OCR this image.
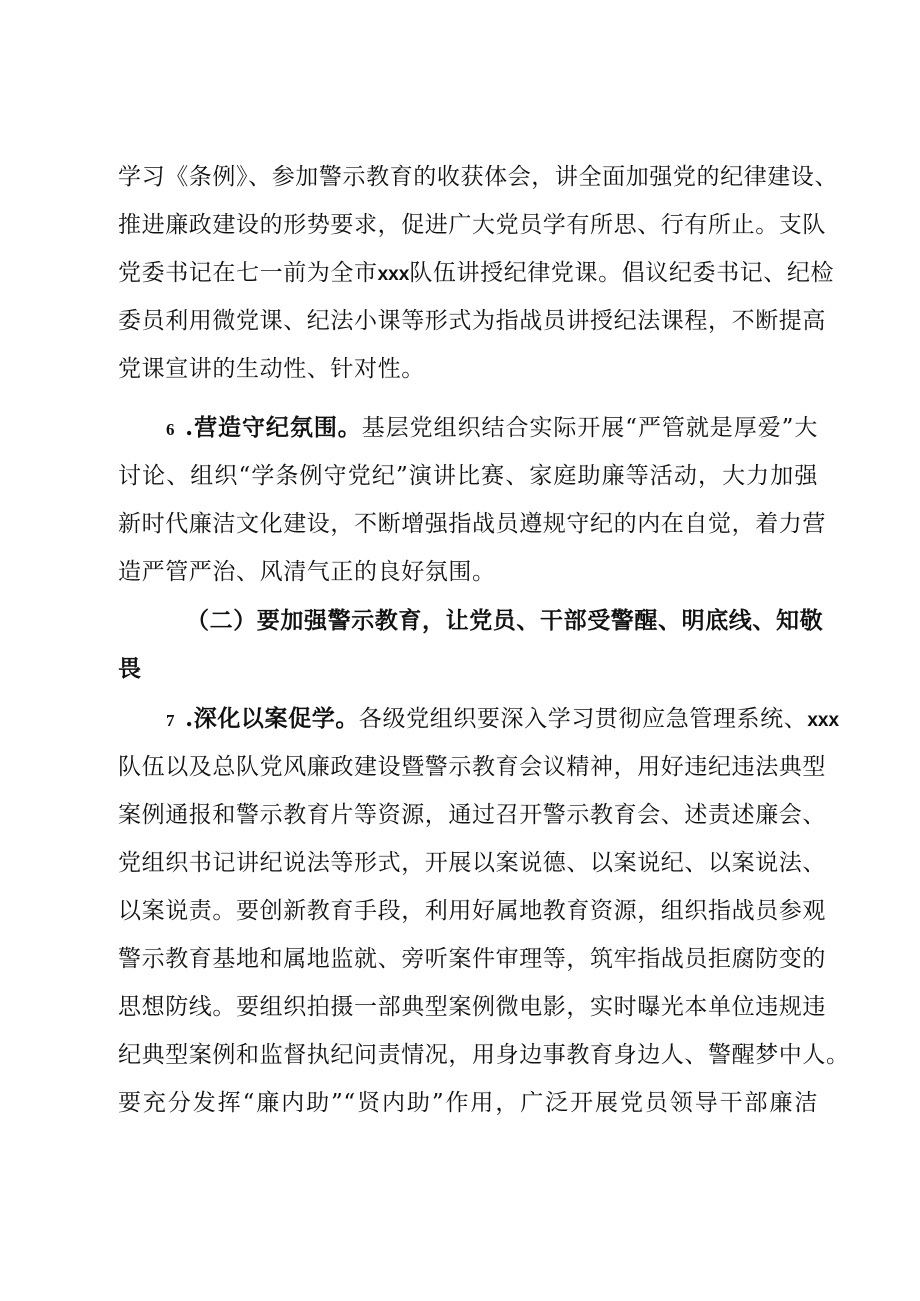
学习《条例》、参加警示教育的收获体会，讲全面加强党的纪律建设、
推进廉政建设的形势要求，促进广大党员学有所思、行有所止。支队
党委书记在七一前为全市xxx队伍讲授纪律党课。倡议纪委书记、纪检
委员利用微党课、纪法小课等形式为指战员讲授纪法课程，不断提高
党课宣讲的生动性、针对性。
6 .营造守纪氛围。基层党组织结合实际开展“严管就是厚爱”大
讨论、组织“学条例守党纪”演讲比赛、家庭助廉等活动，大力加强
新时代廉洁文化建设，不断增强指战员遵规守纪的内在自觉，着力营
造严管严治、风清气正的良好氛围。
（二）要加强警示教育，让党员、干部受警醒、明底线、知敬
畏
7 .深化以案促学。各级党组织要深入学习贯彻应急管理系统、xxx
队伍以及总队党风廉政建设暨警示教育会议精神，用好违纪违法典型
案例通报和警示教育片等资源，通过召开警示教育会、述责述廉会、
党组织书记讲纪说法等形式，开展以案说德、以案说纪、以案说法、
以案说责。要创新教育手段，利用好属地教育资源，组织指战员参观
警示教育基地和属地监就、旁听案件审理等，筑牢指战员拒腐防变的
思想防线。要组织拍摄一部典型案例微电影，实时曝光本单位违规违
纪典型案例和监督执纪问责情况，用身边事教育身边人、警醒梦中人。
要充分发挥“廉内助”“贤内助”作用，广泛开展党员领导干部廉洁
